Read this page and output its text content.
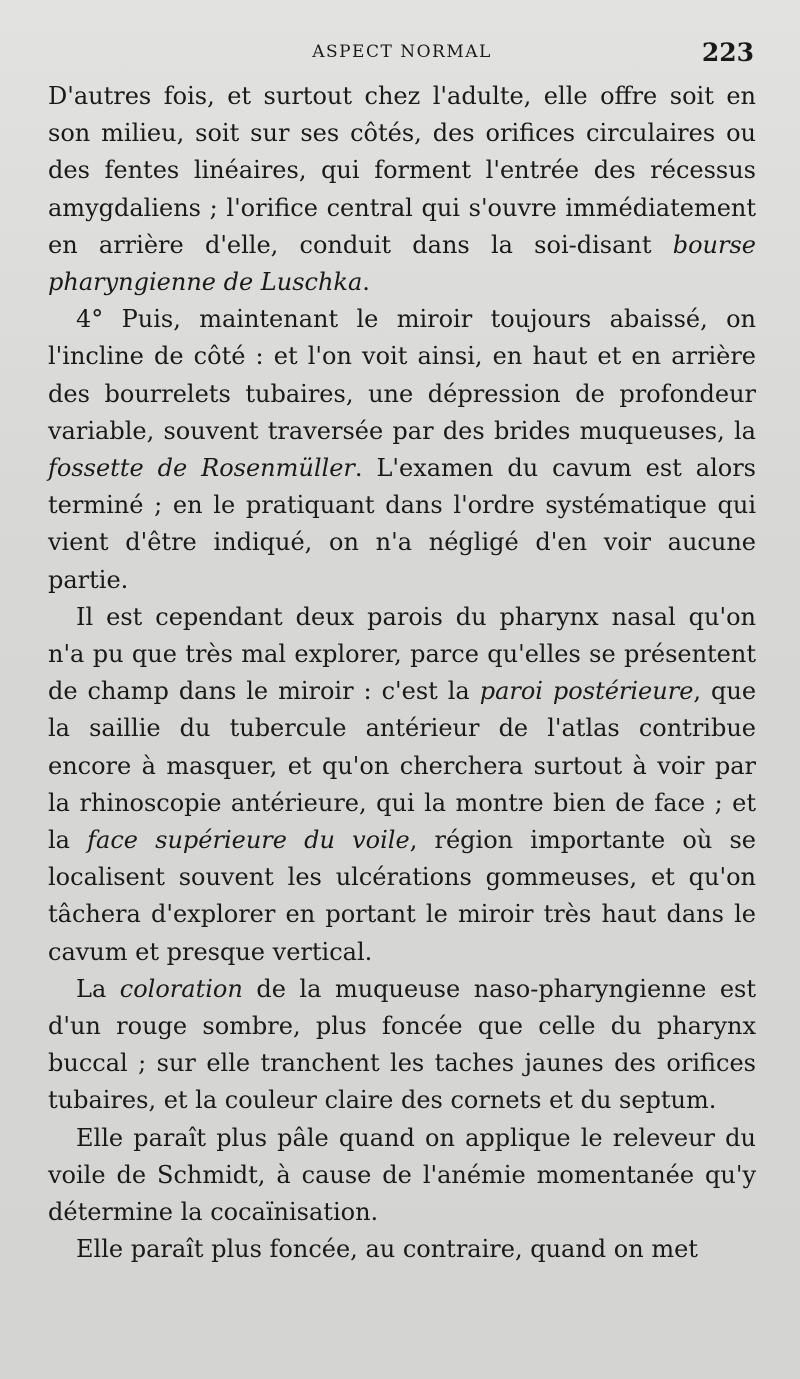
ASPECT NORMAL	223

D'autres fois, et surtout chez l'adulte, elle offre soit en son milieu, soit sur ses côtés, des orifices circulaires ou des fentes linéaires, qui forment l'entrée des récessus amygdaliens ; l'orifice central qui s'ouvre immédiatement en arrière d'elle, conduit dans la soi-disant bourse pharyngienne de Luschka.

4° Puis, maintenant le miroir toujours abaissé, on l'incline de côté : et l'on voit ainsi, en haut et en arrière des bourrelets tubaires, une dépression de profondeur variable, souvent traversée par des brides muqueuses, la fossette de Rosenmüller. L'examen du cavum est alors terminé ; en le pratiquant dans l'ordre systématique qui vient d'être indiqué, on n'a négligé d'en voir aucune partie.

Il est cependant deux parois du pharynx nasal qu'on n'a pu que très mal explorer, parce qu'elles se présentent de champ dans le miroir : c'est la paroi postérieure, que la saillie du tubercule antérieur de l'atlas contribue encore à masquer, et qu'on cherchera surtout à voir par la rhinoscopie antérieure, qui la montre bien de face ; et la face supérieure du voile, région importante où se localisent souvent les ulcérations gommeuses, et qu'on tâchera d'explorer en portant le miroir très haut dans le cavum et presque vertical.

La coloration de la muqueuse naso-pharyngienne est d'un rouge sombre, plus foncée que celle du pharynx buccal ; sur elle tranchent les taches jaunes des orifices tubaires, et la couleur claire des cornets et du septum.

Elle paraît plus pâle quand on applique le releveur du voile de Schmidt, à cause de l'anémie momentanée qu'y détermine la cocaïnisation.

Elle paraît plus foncée, au contraire, quand on met
